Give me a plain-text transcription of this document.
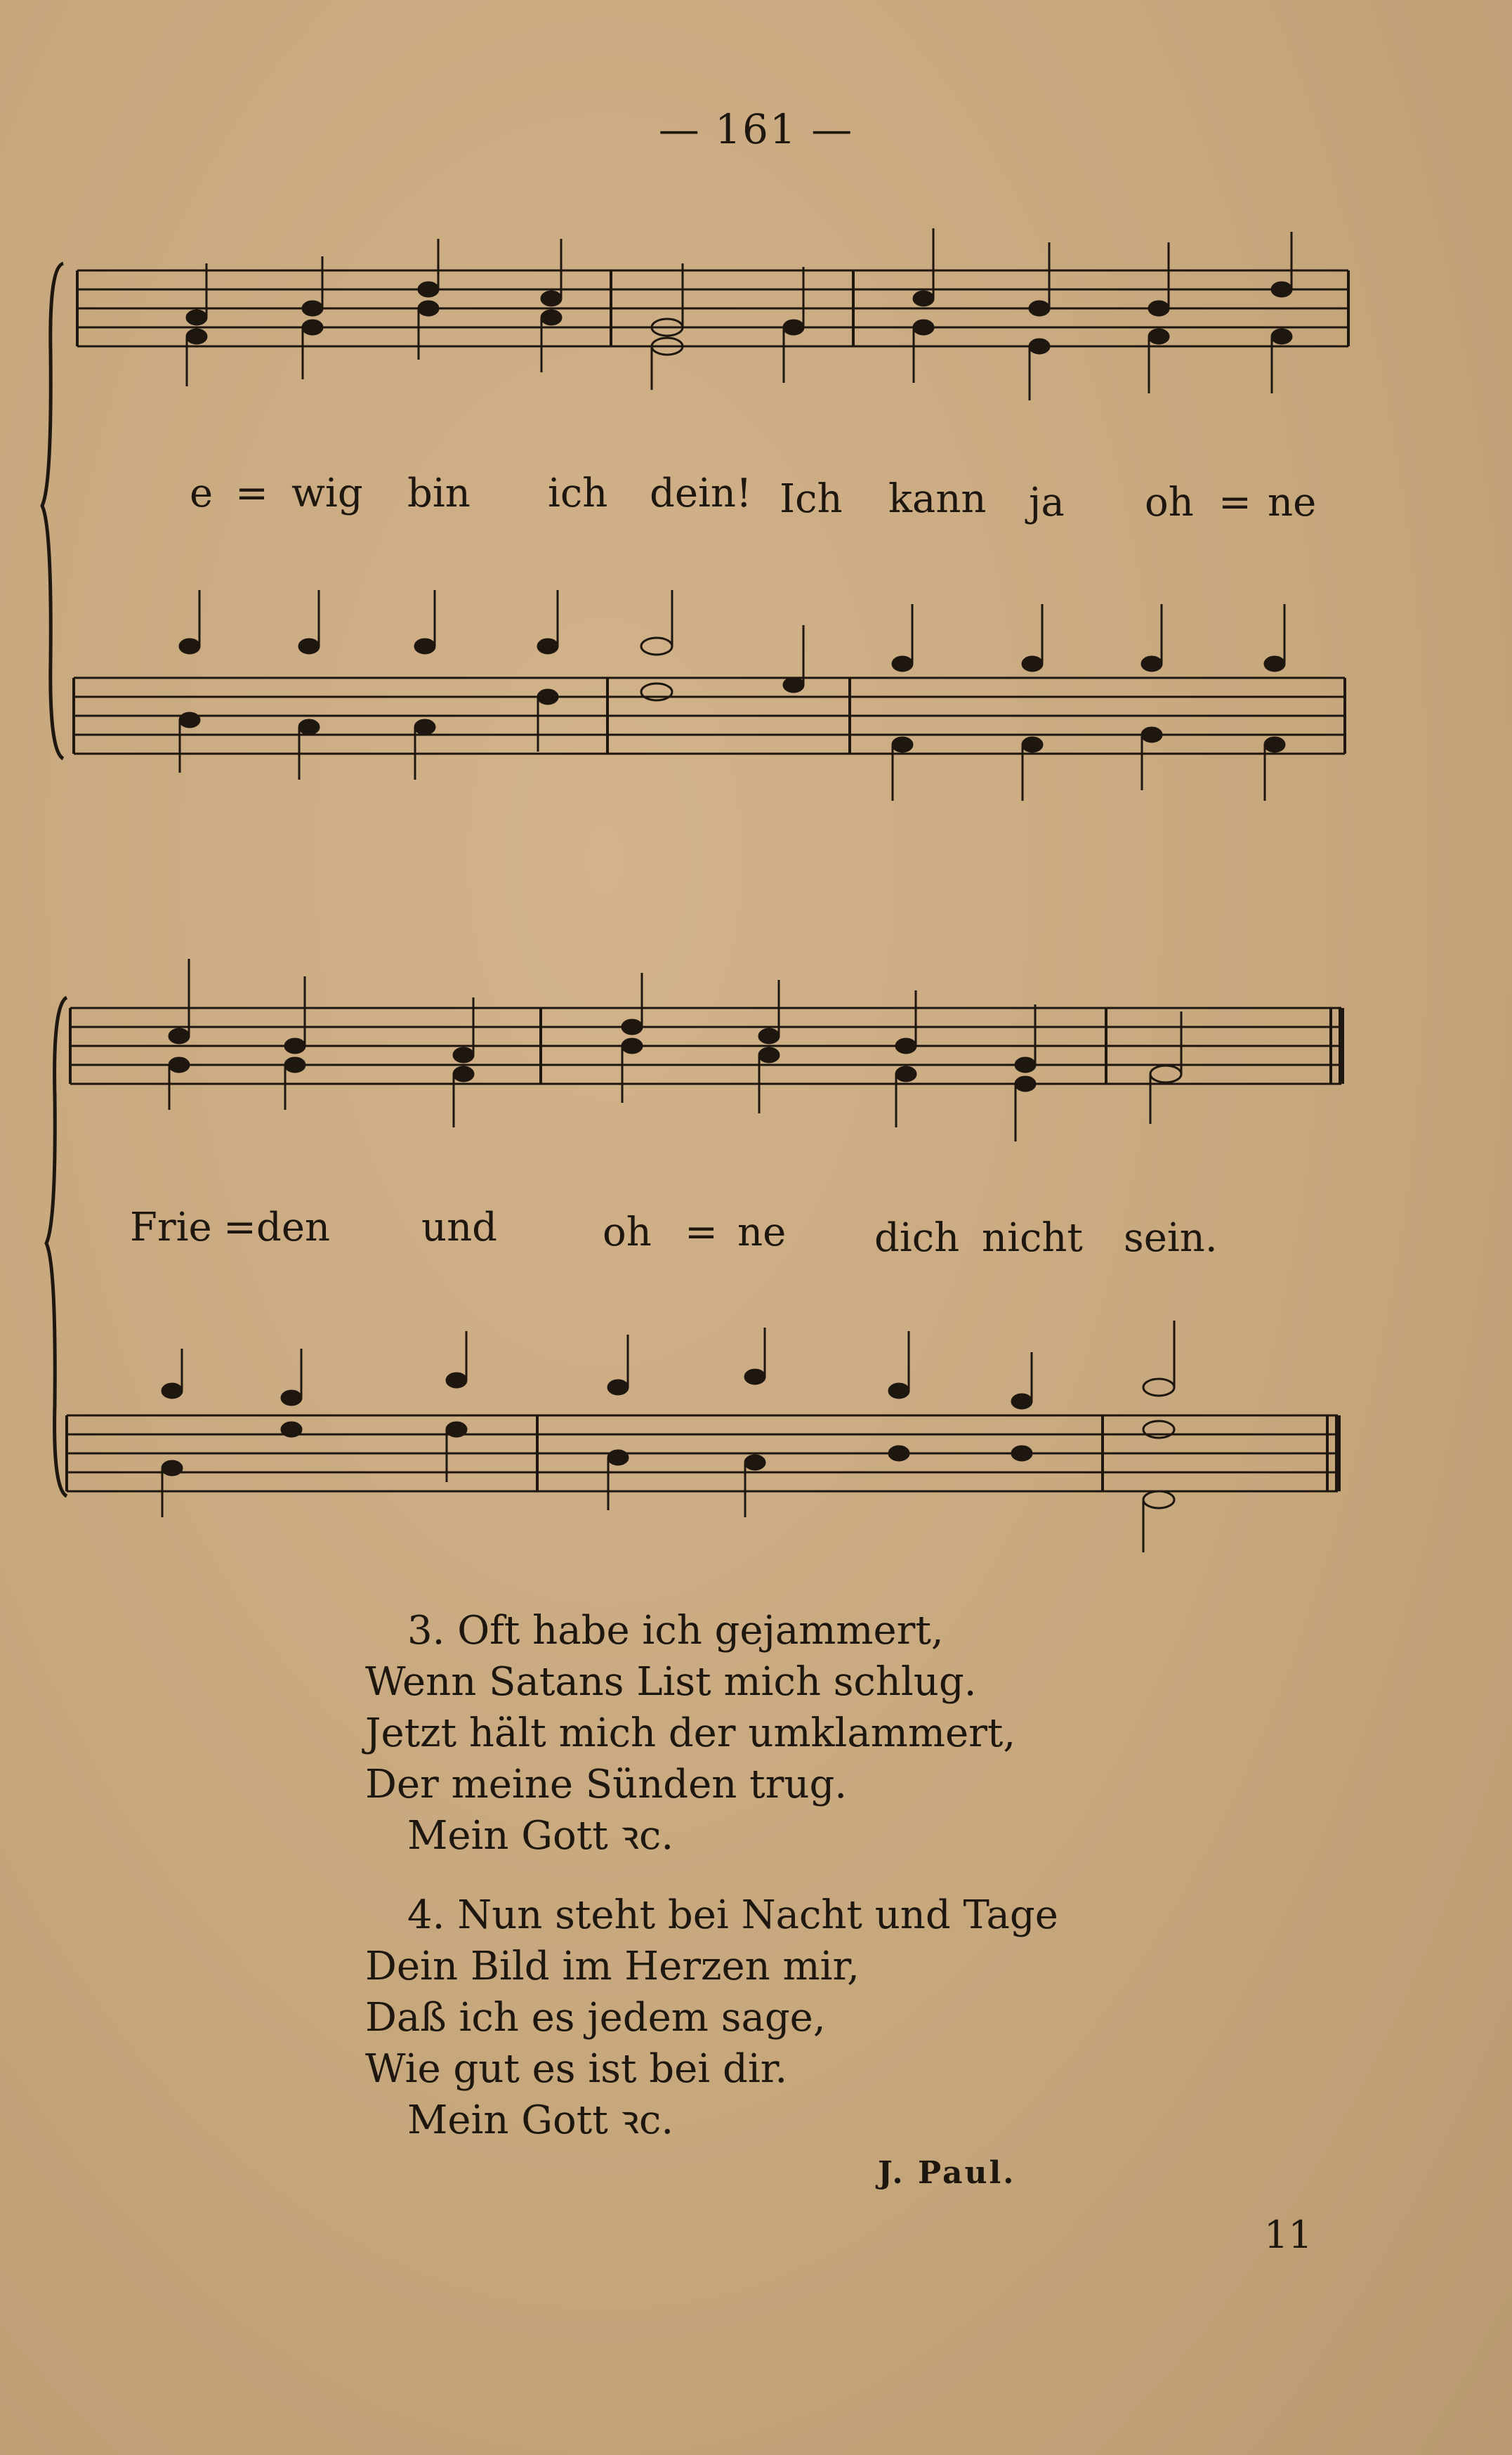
— 161 —
e = wig bin ich dein! Ich kann ja oh = ne
Frie = den und	oh = ne dich nicht sein.
3. Oft habe ich gejammert,
Wenn Satans List mich schlug.
Jetzt hält mich der umklammert,
Der meine Sünden trug.
Mein Gott ꝛc.
4. Nun steht bei Nacht und Tage
Dein Bild im Herzen mir,
Daß ich es jedem sage,
Wie gut es ist bei dir.
Mein Gott ꝛc.
J. Paul.
11
